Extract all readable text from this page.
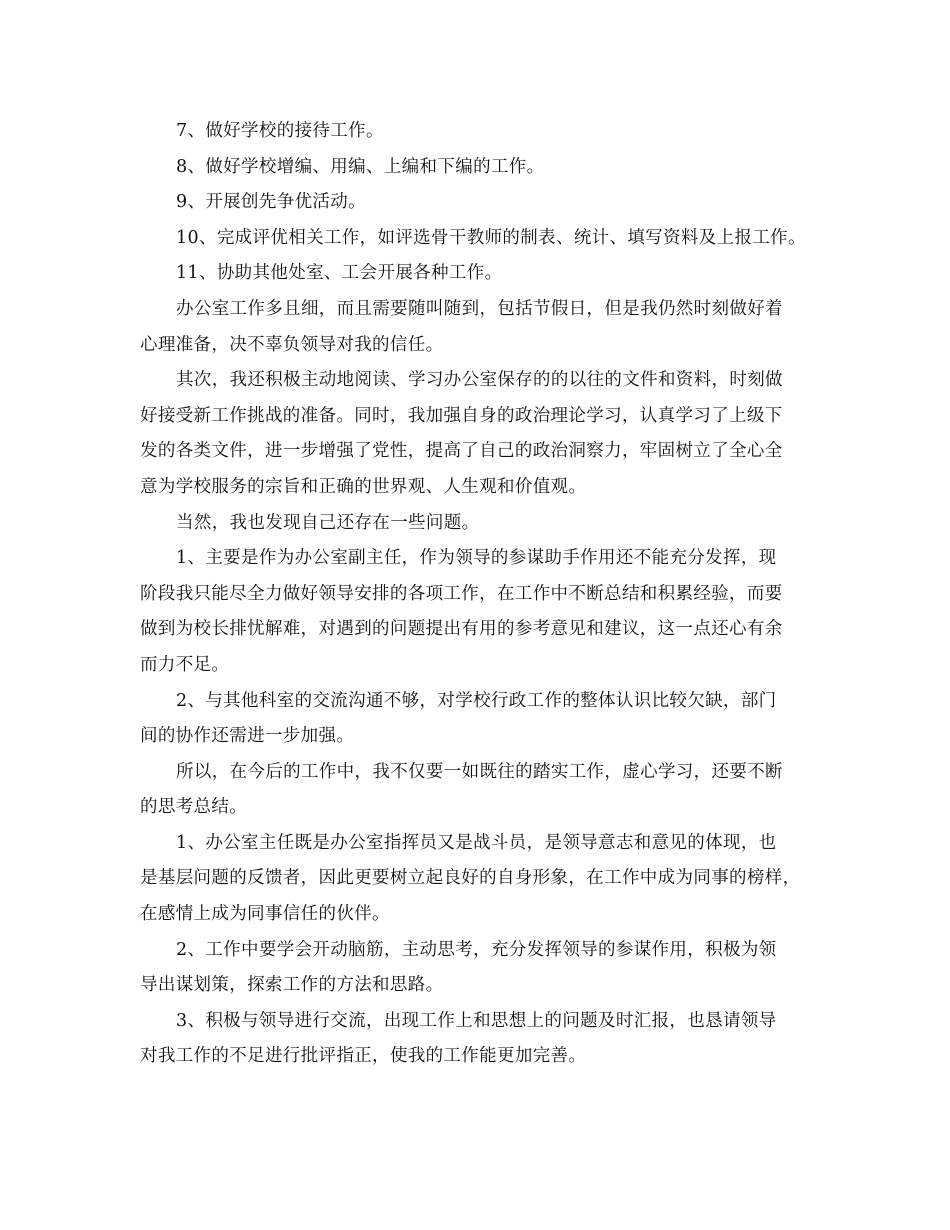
7、做好学校的接待工作。
8、做好学校增编、用编、上编和下编的工作。
9、开展创先争优活动。
10、完成评优相关工作，如评选骨干教师的制表、统计、填写资料及上报工作。
11、协助其他处室、工会开展各种工作。
办公室工作多且细，而且需要随叫随到，包括节假日，但是我仍然时刻做好着
心理准备，决不辜负领导对我的信任。
其次，我还积极主动地阅读、学习办公室保存的的以往的文件和资料，时刻做
好接受新工作挑战的准备。同时，我加强自身的政治理论学习，认真学习了上级下
发的各类文件，进一步增强了党性，提高了自己的政治洞察力，牢固树立了全心全
意为学校服务的宗旨和正确的世界观、人生观和价值观。
当然，我也发现自己还存在一些问题。
1、主要是作为办公室副主任，作为领导的参谋助手作用还不能充分发挥，现
阶段我只能尽全力做好领导安排的各项工作，在工作中不断总结和积累经验，而要
做到为校长排忧解难，对遇到的问题提出有用的参考意见和建议，这一点还心有余
而力不足。
2、与其他科室的交流沟通不够，对学校行政工作的整体认识比较欠缺，部门
间的协作还需进一步加强。
所以，在今后的工作中，我不仅要一如既往的踏实工作，虚心学习，还要不断
的思考总结。
1、办公室主任既是办公室指挥员又是战斗员，是领导意志和意见的体现，也
是基层问题的反馈者，因此更要树立起良好的自身形象，在工作中成为同事的榜样，
在感情上成为同事信任的伙伴。
2、工作中要学会开动脑筋，主动思考，充分发挥领导的参谋作用，积极为领
导出谋划策，探索工作的方法和思路。
3、积极与领导进行交流，出现工作上和思想上的问题及时汇报，也恳请领导
对我工作的不足进行批评指正，使我的工作能更加完善。
